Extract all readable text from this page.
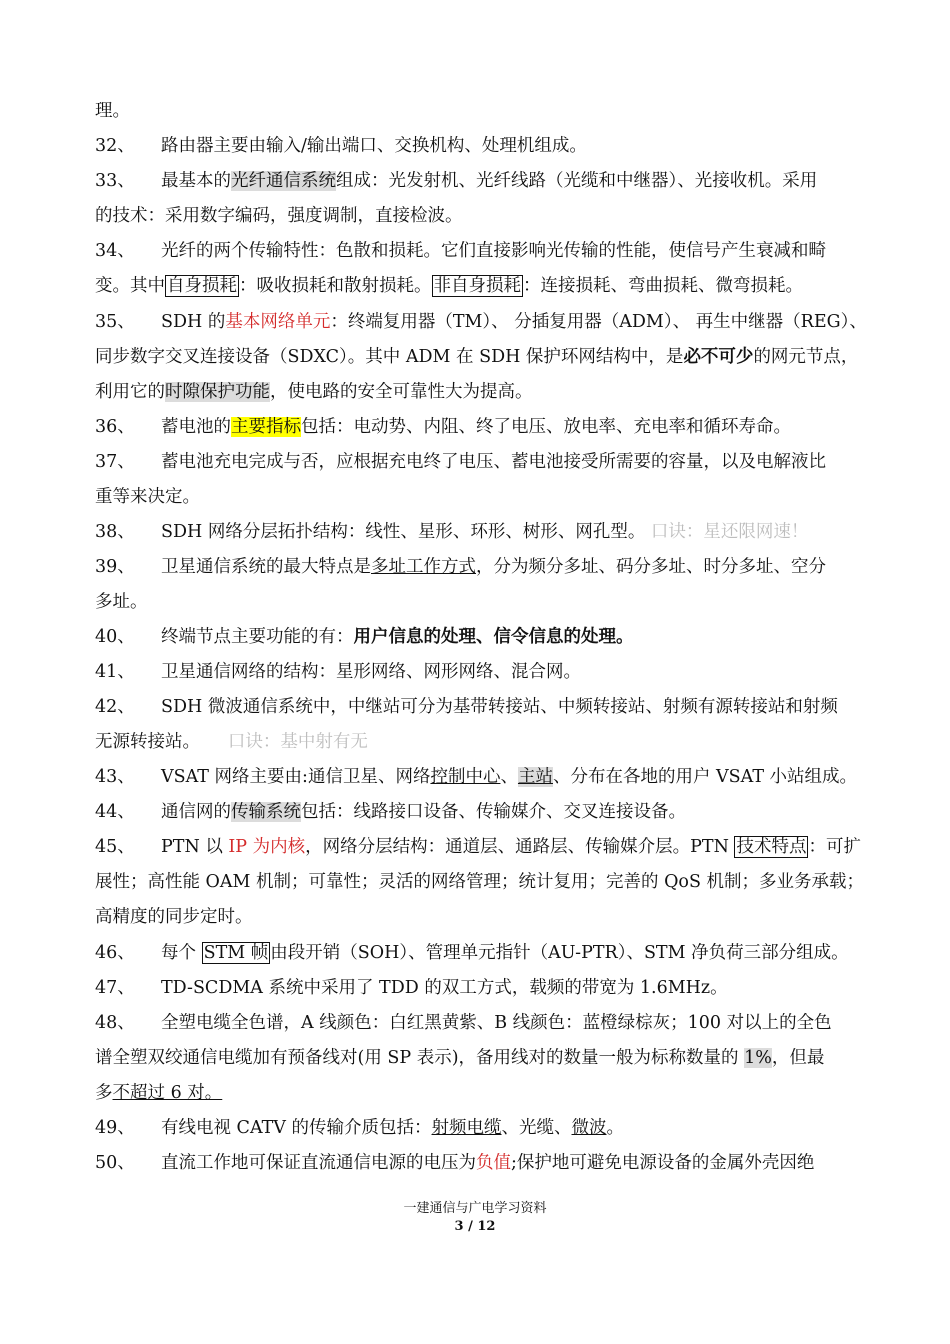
理。
32、 路由器主要由输入/输出端口、交换机构、处理机组成。
33、 最基本的光纤通信系统组成：光发射机、光纤线路（光缆和中继器）、光接收机。采用
的技术：采用数字编码，强度调制，直接检波。
34、 光纤的两个传输特性：色散和损耗。它们直接影响光传输的性能，使信号产生衰减和畸
变。其中 自身损耗 ：吸收损耗和散射损耗。 非自身损耗 ：连接损耗、弯曲损耗、微弯损耗。
35、 SDH 的基本网络单元：终端复用器（TM）、 分插复用器（ADM）、 再生中继器（REG）、
同步数字交叉连接设备（SDXC）。其中 ADM 在 SDH 保护环网结构中，是必不可少的网元节点，
利用它的时隙保护功能，使电路的安全可靠性大为提高。
36、 蓄电池的主要指标包括：电动势、内阻、终了电压、放电率、充电率和循环寿命。
37、 蓄电池充电完成与否，应根据充电终了电压、蓄电池接受所需要的容量，以及电解液比
重等来决定。
38、 SDH 网络分层拓扑结构：线性、星形、环形、树形、网孔型。 口诀：星还限网速！
39、 卫星通信系统的最大特点是多址工作方式，分为频分多址、码分多址、时分多址、空分
多址。
40、 终端节点主要功能的有：用户信息的处理、信令信息的处理。
41、 卫星通信网络的结构：星形网络、网形网络、混合网。
42、 SDH 微波通信系统中，中继站可分为基带转接站、中频转接站、射频有源转接站和射频
无源转接站。 口诀：基中射有无
43、 VSAT 网络主要由:通信卫星、网络控制中心、主站、分布在各地的用户 VSAT 小站组成。
44、 通信网的传输系统包括：线路接口设备、传输媒介、交叉连接设备。
45、 PTN 以 IP 为内核，网络分层结构：通道层、通路层、传输媒介层。PTN 技术特点 ：可扩
展性；高性能 OAM 机制；可靠性；灵活的网络管理；统计复用；完善的 QoS 机制；多业务承载；
高精度的同步定时。
46、 每个 STM 帧 由段开销（SOH）、管理单元指针（AU-PTR）、STM 净负荷三部分组成。
47、 TD-SCDMA 系统中采用了 TDD 的双工方式，载频的带宽为 1.6MHz。
48、 全塑电缆全色谱，A 线颜色：白红黑黄紫、B 线颜色：蓝橙绿棕灰；100 对以上的全色
谱全塑双绞通信电缆加有预备线对(用 SP 表示)，备用线对的数量一般为标称数量的 1%，但最
多不超过 6 对。
49、 有线电视 CATV 的传输介质包括：射频电缆、光缆、微波。
50、 直流工作地可保证直流通信电源的电压为负值;保护地可避免电源设备的金属外壳因绝
一建通信与广电学习资料
3 / 12
